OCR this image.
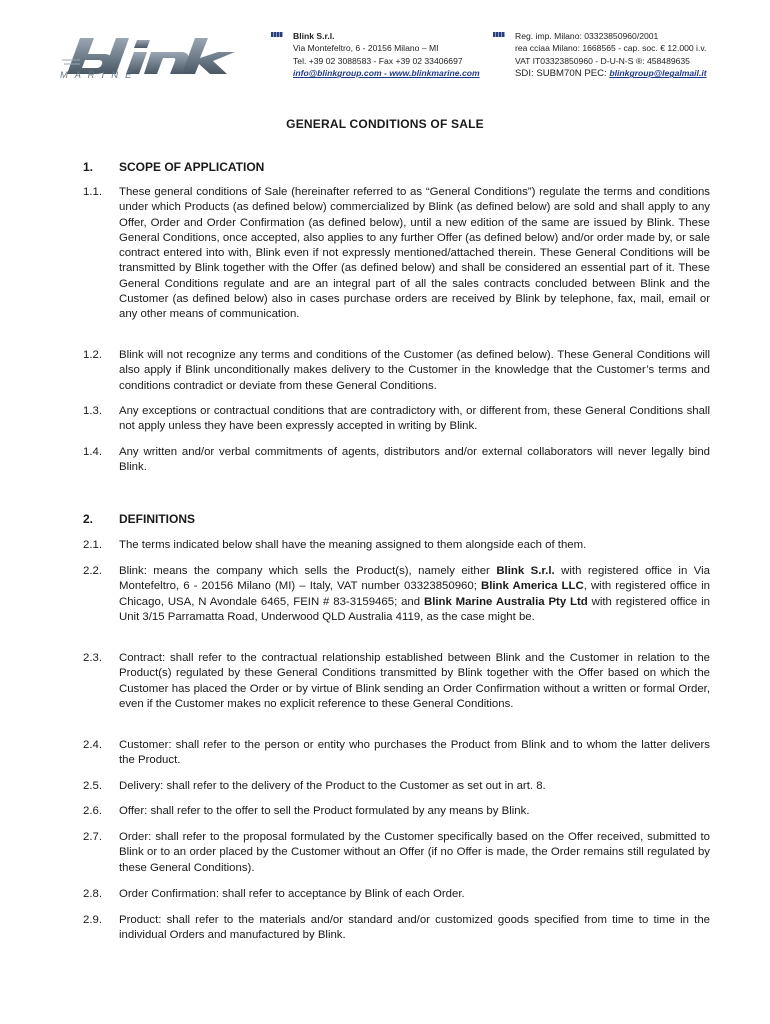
M A R I N E
Blink S.r.l.
Via Montefeltro, 6 - 20156 Milano – MI
Tel. +39 02 3088583 - Fax +39 02 33406697
info@blinkgroup.com - www.blinkmarine.com
Reg. imp. Milano: 03323850960/2001
rea cciaa Milano: 1668565 - cap. soc. € 12.000 i.v.
VAT IT03323850960 - D-U-N-S ®: 458489635
SDI: SUBM70N PEC: blinkgroup@legalmail.it
GENERAL CONDITIONS OF SALE
1. SCOPE OF APPLICATION
1.1. These general conditions of Sale (hereinafter referred to as “General Conditions”) regulate the terms and conditions under which Products (as defined below) commercialized by Blink (as defined below) are sold and shall apply to any Offer, Order and Order Confirmation (as defined below), until a new edition of the same are issued by Blink. These General Conditions, once accepted, also applies to any further Offer (as defined below) and/or order made by, or sale contract entered into with, Blink even if not expressly mentioned/attached therein. These General Conditions will be transmitted by Blink together with the Offer (as defined below) and shall be considered an essential part of it. These General Conditions regulate and are an integral part of all the sales contracts concluded between Blink and the Customer (as defined below) also in cases purchase orders are received by Blink by telephone, fax, mail, email or any other means of communication.
1.2. Blink will not recognize any terms and conditions of the Customer (as defined below). These General Conditions will also apply if Blink unconditionally makes delivery to the Customer in the knowledge that the Customer’s terms and conditions contradict or deviate from these General Conditions.
1.3. Any exceptions or contractual conditions that are contradictory with, or different from, these General Conditions shall not apply unless they have been expressly accepted in writing by Blink.
1.4. Any written and/or verbal commitments of agents, distributors and/or external collaborators will never legally bind Blink.
2. DEFINITIONS
2.1. The terms indicated below shall have the meaning assigned to them alongside each of them.
2.2. Blink: means the company which sells the Product(s), namely either Blink S.r.l. with registered office in Via Montefeltro, 6 - 20156 Milano (MI) – Italy, VAT number 03323850960; Blink America LLC, with registered office in Chicago, USA, N Avondale 6465, FEIN # 83-3159465; and Blink Marine Australia Pty Ltd with registered office in Unit 3/15 Parramatta Road, Underwood QLD Australia 4119, as the case might be.
2.3. Contract: shall refer to the contractual relationship established between Blink and the Customer in relation to the Product(s) regulated by these General Conditions transmitted by Blink together with the Offer based on which the Customer has placed the Order or by virtue of Blink sending an Order Confirmation without a written or formal Order, even if the Customer makes no explicit reference to these General Conditions.
2.4. Customer: shall refer to the person or entity who purchases the Product from Blink and to whom the latter delivers the Product.
2.5. Delivery: shall refer to the delivery of the Product to the Customer as set out in art. 8.
2.6. Offer: shall refer to the offer to sell the Product formulated by any means by Blink.
2.7. Order: shall refer to the proposal formulated by the Customer specifically based on the Offer received, submitted to Blink or to an order placed by the Customer without an Offer (if no Offer is made, the Order remains still regulated by these General Conditions).
2.8. Order Confirmation: shall refer to acceptance by Blink of each Order.
2.9. Product: shall refer to the materials and/or standard and/or customized goods specified from time to time in the individual Orders and manufactured by Blink.
